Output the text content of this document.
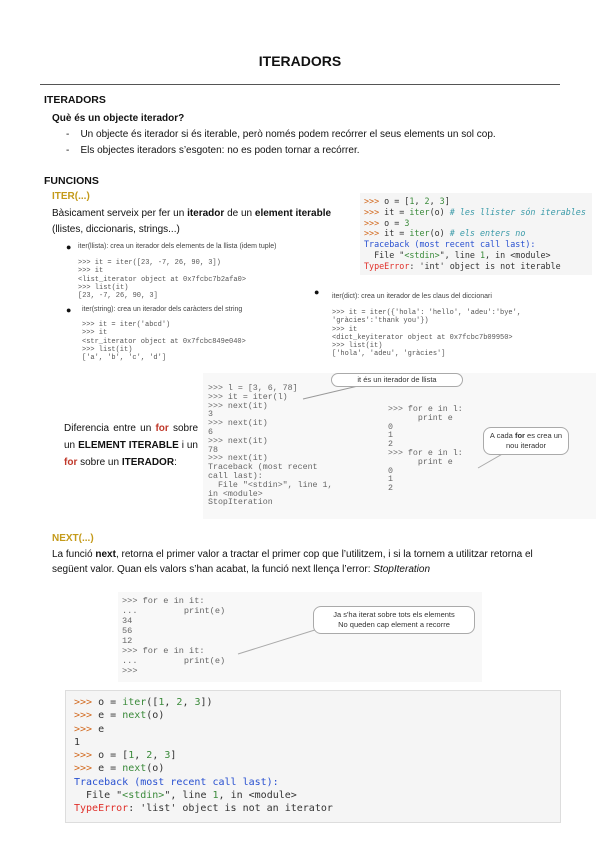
ITERADORS
ITERADORS
Què és un objecte iterador?
-    Un objecte és iterador si és iterable, però només podem recórrer el seus elements un sol cop.
-    Els objectes iteradors s’esgoten: no es poden tornar a recórrer.
FUNCIONS
ITER(...)
Bàsicament serveix per fer un iterador de un element iterable
(llistes, diccionaris, strings...)
>>> o = [1, 2, 3]
>>> it = iter(o) # les llister són iterables
>>> o = 3
>>> it = iter(o) # els enters no
Traceback (most recent call last):
File "<stdin>", line 1, in <module>
TypeError: 'int' object is not iterable
● iter(llista): crea un iterador dels elements de la llista (idem tuple)
>>> it = iter([23, -7, 26, 90, 3])
>>> it
<list_iterator object at 0x7fcbc7b2afa0>
>>> list(it)
[23, -7, 26, 90, 3]
● iter(string): crea un iterador dels caràcters del string
>>> it = iter('abcd')
>>> it
<str_iterator object at 0x7fcbc849e040>
>>> list(it)
['a', 'b', 'c', 'd']
● iter(dict): crea un iterador de les claus del diccionari
>>> it = iter({'hola': 'hello', 'adeu':'bye',
'gràcies':'thank you'})
>>> it
<dict_keyiterator object at 0x7fcbc7b09950>
>>> list(it)
['hola', 'adeu', 'gràcies']
Diferencia entre un for sobre un ELEMENT ITERABLE i un for sobre un ITERADOR:
>>> l = [3, 6, 78]
>>> it = iter(l)
>>> next(it)
3
>>> next(it)
6
>>> next(it)
78
>>> next(it)
Traceback (most recent
call last):
File "<stdin>", line 1,
in <module>
StopIteration
>>> for e in l:
print e
0
1
2
>>> for e in l:
print e
0
1
2
it és un iterador de llista
A cada for es crea un nou iterador
NEXT(...)
La funció next, retorna el primer valor a tractar el primer cop que l’utilitzem, i si la tornem a utilitzar retorna el següent valor. Quan els valors s’han acabat, la funció next llença l’error: StopIteration
>>> for e in it:
...         print(e)
34
56
12
>>> for e in it:
...         print(e)
>>>
Ja s'ha iterat sobre tots els elements
No queden cap element a recorre
>>> o = iter([1, 2, 3])
>>> e = next(o)
>>> e
1
>>> o = [1, 2, 3]
>>> e = next(o)
Traceback (most recent call last):
File "<stdin>", line 1, in <module>
TypeError: 'list' object is not an iterator
